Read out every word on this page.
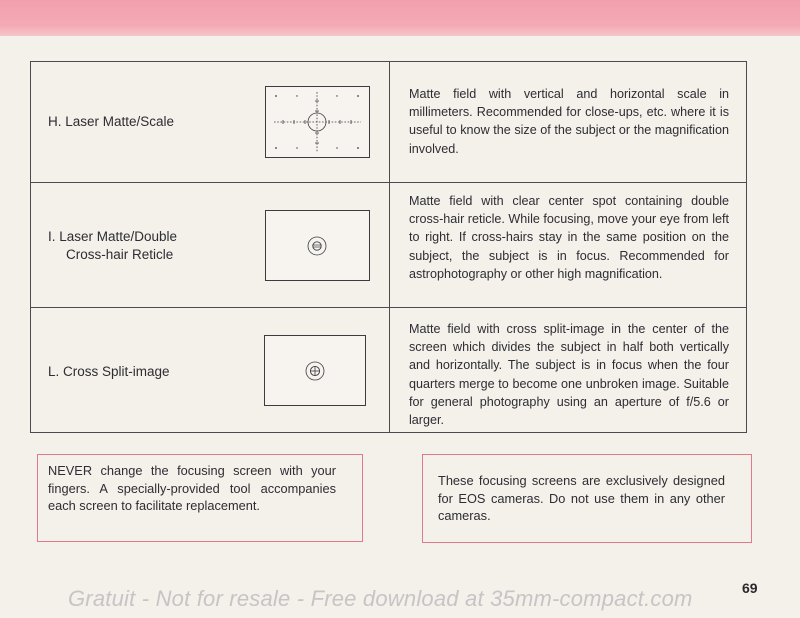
H. Laser Matte/Scale
Matte field with vertical and horizontal scale in millimeters. Recommended for close-ups, etc. where it is useful to know the size of the subject or the magnification involved.
I. Laser Matte/Double
Cross-hair Reticle
Matte field with clear center spot containing double cross-hair reticle. While focusing, move your eye from left to right. If cross-hairs stay in the same position on the subject, the subject is in focus. Recommended for astrophotography or other high magnification.
L. Cross Split-image
Matte field with cross split-image in the center of the screen which divides the subject in half both vertically and horizontally. The subject is in focus when the four quarters merge to become one unbroken image. Suitable for general photography using an aperture of f/5.6 or larger.
NEVER change the focusing screen with your fingers. A specially-provided tool accompanies each screen to facilitate replacement.
These focusing screens are exclusively designed for EOS cameras. Do not use them in any other cameras.
69
Gratuit - Not for resale - Free download at 35mm-compact.com
